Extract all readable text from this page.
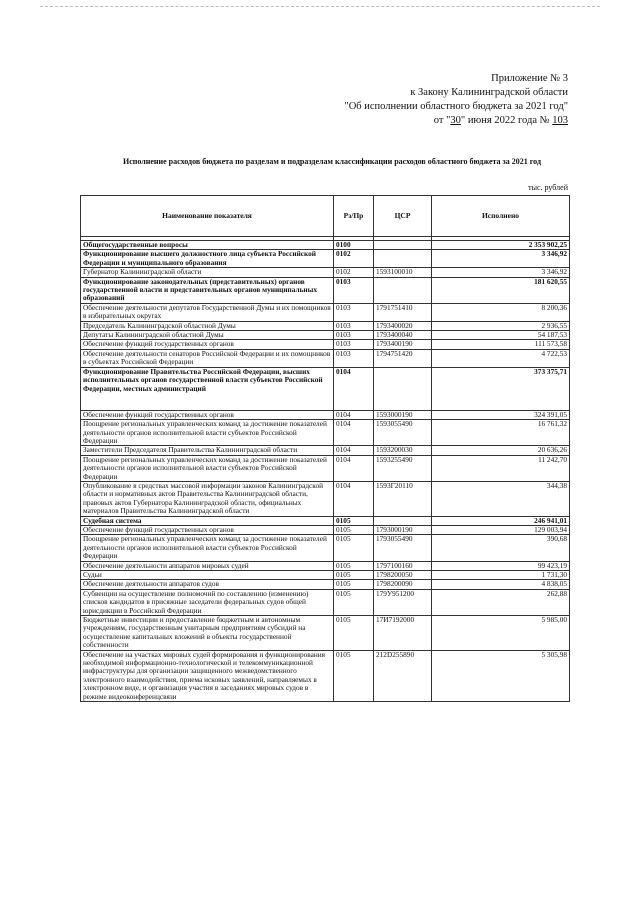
Приложение № 3
к Закону Калининградской области
"Об исполнении областного бюджета за 2021 год"
от "30" июня 2022 года № 103
Исполнение расходов бюджета по разделам и подразделам классификации расходов областного бюджета за 2021 год
тыс. рублей
Наименование показателя	Рз/Пр	ЦСР	Исполнено

Общегосударственные вопросы	0100		2 353 902,25
Функционирование высшего должностного лица субъекта Российской Федерации и муниципального образования	0102		3 346,92
Губернатор Калининградской области	0102	1593100010	3 346,92
Функционирование законодательных (представительных) органов государственной власти и представительных органов муниципальных образований	0103		181 620,55
Обеспечение деятельности депутатов Государственной Думы и их помощников в избирательных округах	0103	1791751410	8 200,36
Председатель Калининградской областной Думы	0103	1793400020	2 936,55
Депутаты Калининградской областной Думы	0103	1793400040	54 187,53
Обеспечение функций государственных органов	0103	1793400190	111 573,58
Обеспечение деятельности сенаторов Российской Федерации и их помощников в субъектах Российской Федерации	0103	1794751420	4 722,53
Функционирование Правительства Российской Федерации, высших исполнительных органов государственной власти субъектов Российской Федерации, местных администраций	0104		373 375,71
Обеспечение функций государственных органов	0104	1593000190	324 391,05
Поощрение региональных управленческих команд за достижение показателей деятельности органов исполнительной власти субъектов Российской Федерации	0104	1593055490	16 761,32
Заместители Председателя Правительства Калининградской области	0104	1593200030	20 636,26
Поощрение региональных управленческих команд за достижение показателей деятельности органов исполнительной власти субъектов Российской Федерации	0104	1593255490	11 242,70
Опубликование в средствах массовой информации законов Калининградской области и нормативных актов Правительства Калининградской области, правовых актов Губернатора Калининградской области, официальных материалов Правительства Калининградской области	0104	1593Г20110	344,38
Судебная система	0105		246 941,01
Обеспечение функций государственных органов	0105	1793000190	129 003,94
Поощрение региональных управленческих команд за достижение показателей деятельности органов исполнительной власти субъектов Российской Федерации	0105	1793055490	390,68
Обеспечение деятельности аппаратов мировых судей	0105	1797100160	99 423,19
Судьи	0105	1798200050	1 731,30
Обеспечение деятельности аппаратов судов	0105	1798200090	4 838,05
Субвенции на осуществление полномочий по составлению (изменению) списков кандидатов в присяжные заседатели федеральных судов общей юрисдикции в Российской Федерации	0105	179У951200	262,88
Бюджетные инвестиции и предоставление бюджетным и автономным учреждениям, государственным унитарным предприятиям субсидий на осуществление капитальных вложений в объекты государственной собственности	0105	17И7192000	5 985,00
Обеспечение на участках мировых судей формирования и функционирования необходимой информационно-технологической и телекоммуникационной инфраструктуры для организации защищенного межведомственного электронного взаимодействия, приема исковых заявлений, направляемых в электронном виде, и организация участия в заседаниях мировых судов в режиме видеоконференцсвязи	0105	212D255890	5 305,98
